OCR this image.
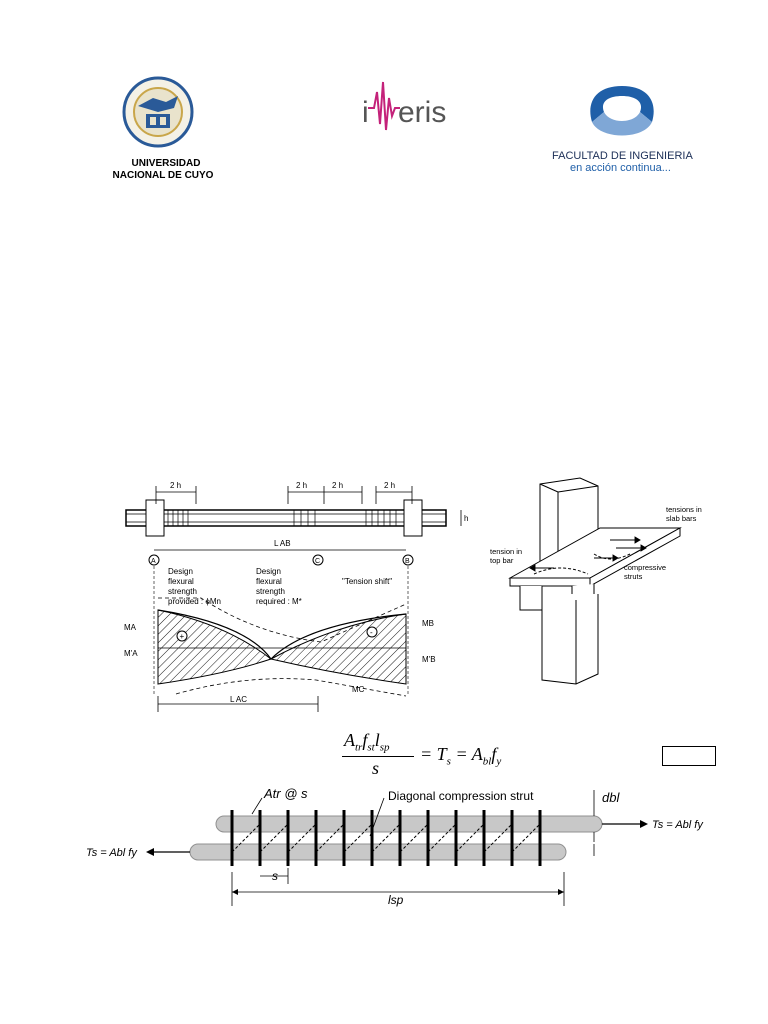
UNIVERSIDAD
NACIONAL DE CUYO
i eris
FACULTAD DE INGENIERIA
en acción continua...
2 h	2 h	2 h	2 h
h
L AB
L AC
A	C	B
Design
flexural
strength
provided : ϕMn
Design
flexural
strength
required : M*
"Tension shift"
MA
M'A
MB
M'B
MC
+	-
tensions in
slab bars
tension in
top bar
compressive
struts
$A_{tr}f_{st}l_{sp}$
s
= $T_s = A_{bl}f_y$
Atr @ s	Diagonal compression strut	dbl
Ts = Abl fy
Ts = Abl fy
s
lsp
